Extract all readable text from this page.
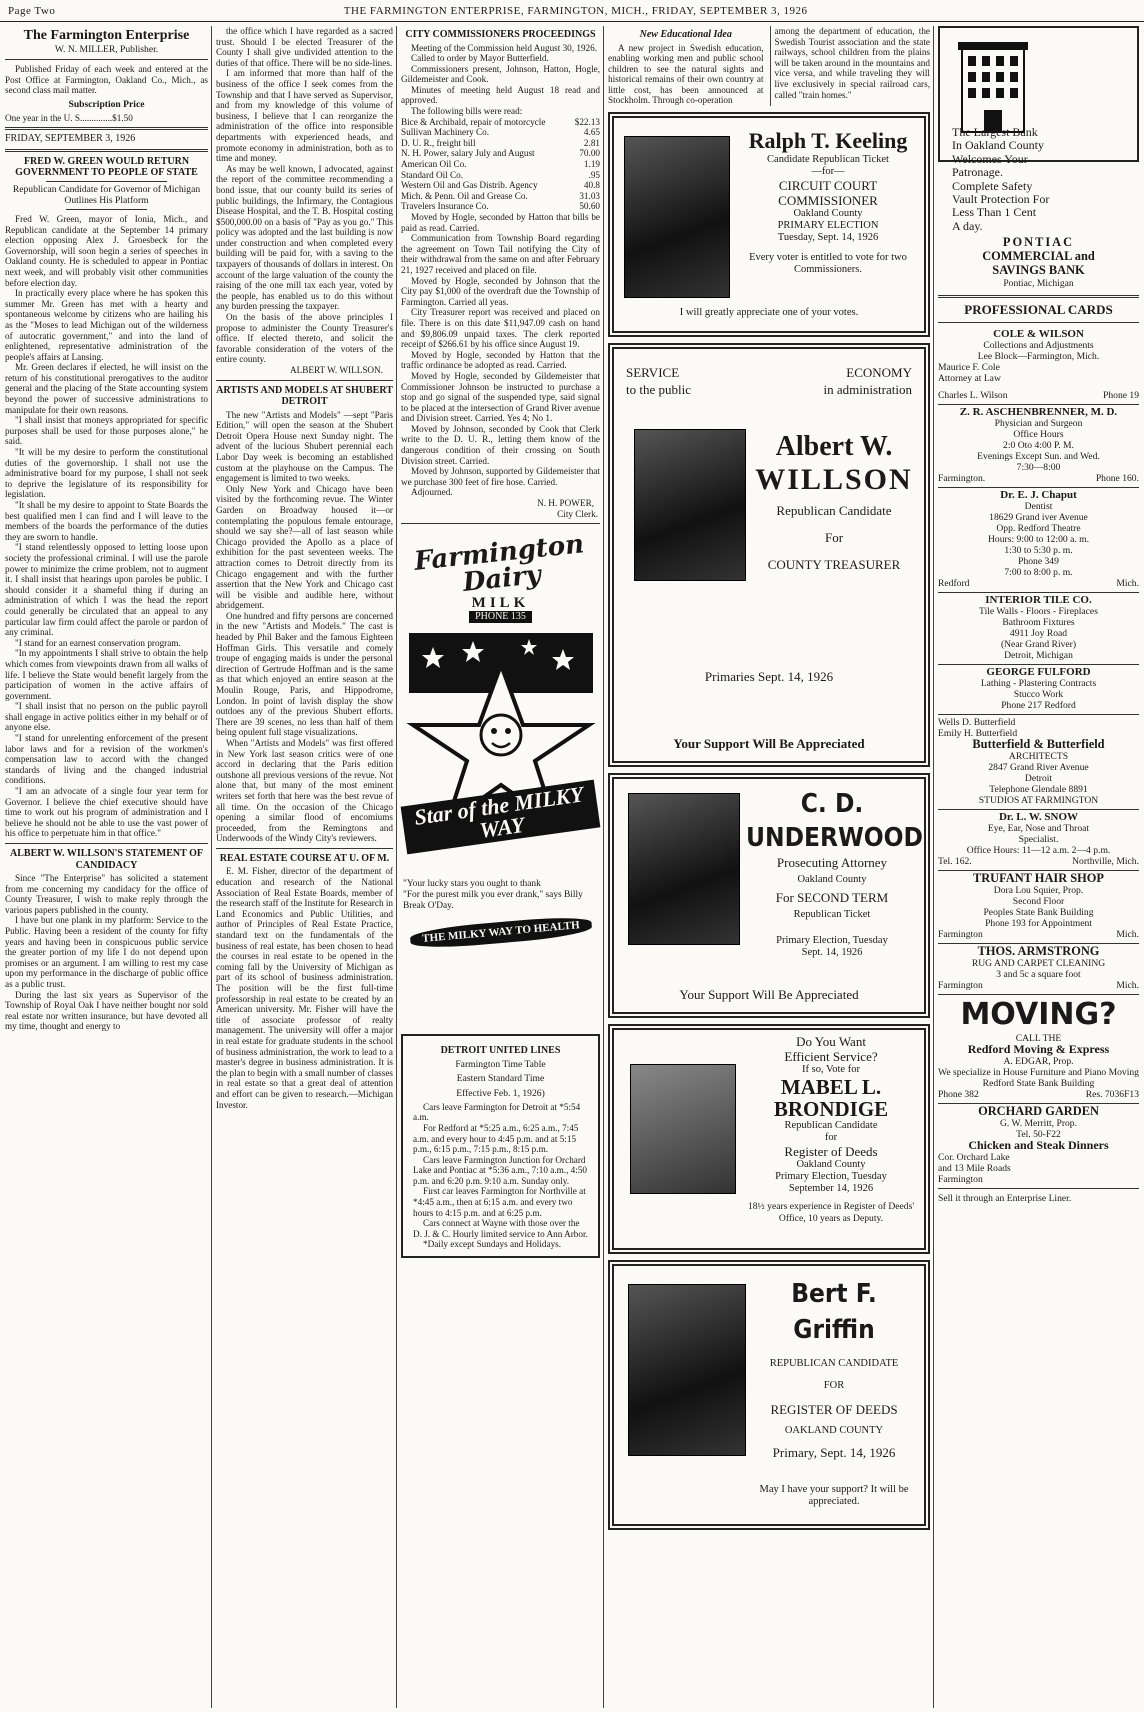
Page Two	THE FARMINGTON ENTERPRISE, FARMINGTON, MICH., FRIDAY, SEPTEMBER 3, 1926
The Farmington Enterprise
W. N. MILLER, Publisher.

Published Friday of each week and entered at the Post Office at Farmington, Oakland Co., Mich., as second class mail matter.

Subscription Price

One year in the U. S..............$1.50

FRIDAY, SEPTEMBER 3, 1926
FRED W. GREEN WOULD RETURN GOVERNMENT TO PEOPLE OF STATE
Republican Candidate for Governor of Michigan Outlines His Platform

Fred W. Green, mayor of Ionia, Mich., and Republican candidate at the September 14 primary election opposing Alex J. Groesbeck for the Governorship, will soon begin a series of speeches in Oakland county. He is scheduled to appear in Pontiac next week, and will probably visit other communities before election day.

In practically every place where he has spoken this summer Mr. Green has met with a hearty and spontaneous welcome by citizens who are hailing his as the "Moses to lead Michigan out of the wilderness of autocratic government," and into the land of enlightened, representative administration of the people's affairs at Lansing.

Mr. Green declares if elected, he will insist on the return of his constitutional prerogatives to the auditor general and the placing of the State accounting system beyond the power of successive administrations to manipulate for their own reasons.

"I shall insist that moneys appropriated for specific purposes shall be used for those purposes alone," he said.

"It will be my desire to perform the constitutional duties of the governorship. I shall not use the administrative board for my purpose, I shall not seek to deprive the legislature of its responsibility for legislation.

"It shall be my desire to appoint to State Boards the best qualified men I can find and I will leave to the members of the boards the performance of the duties they are sworn to handle.

"I stand relentlessly opposed to letting loose upon society the professional criminal. I will use the parole power to minimize the crime problem, not to augment it. I shall insist that hearings upon paroles be public. I should consider it a shameful thing if during an administration of which I was the head the report could generally be circulated that an appeal to any particular law firm could affect the parole or pardon of any criminal.

"I stand for an earnest conservation program.

"In my appointments I shall strive to obtain the help which comes from viewpoints drawn from all walks of life. I believe the State would benefit largely from the participation of women in the active affairs of government.

"I shall insist that no person on the public payroll shall engage in active politics either in my behalf or of anyone else.

"I stand for unrelenting enforcement of the present labor laws and for a revision of the workmen's compensation law to accord with the changed standards of living and the changed industrial conditions.

"I am an advocate of a single four year term for Governor. I believe the chief executive should have time to work out his program of administration and I believe he should not be able to use the vast power of his office to perpetuate him in that office."

ALBERT W. WILLSON'S STATEMENT OF CANDIDACY

Since "The Enterprise" has solicited a statement from me concerning my candidacy for the office of County Treasurer, I wish to make reply through the various papers published in the county.

I have but one plank in my platform: Service to the Public. Having been a resident of the county for fifty years and having been in conspicuous public service the greater portion of my life I do not depend upon promises or an argument. I am willing to rest my case upon my performance in the discharge of public office as a public trust.

During the last six years as Supervisor of the Township of Royal Oak I have neither bought nor sold real estate nor written insurance, but have devoted all my time, thought and energy to

the office which I have regarded as a sacred trust. Should I be elected Treasurer of the County I shall give undivided attention to the duties of that office. There will be no side-lines.

I am informed that more than half of the business of the office I seek comes from the Township and that I have served as Supervisor, and from my knowledge of this volume of business, I believe that I can reorganize the administration of the office into responsible departments with experienced heads, and promote economy in administration, both as to time and money.

As may be well known, I advocated, against the report of the committee recommending a bond issue, that our county build its series of public buildings, the Infirmary, the Contagious Disease Hospital, and the T. B. Hospital costing $500,000.00 on a basis of "Pay as you go." This policy was adopted and the last building is now under construction and when completed every building will be paid for, with a saving to the taxpayers of thousands of dollars in interest. On account of the large valuation of the county the raising of the one mill tax each year, voted by the people, has enabled us to do this without any burden pressing the taxpayer.

On the basis of the above principles I propose to administer the County Treasurer's office. If elected thereto, and solicit the favorable consideration of the voters of the entire county.

ALBERT W. WILLSON.
ARTISTS AND MODELS AT SHUBERT DETROIT

The new "Artists and Models" —sept "Paris Edition," will open the season at the Shubert Detroit Opera House next Sunday night. The advent of the lucious Shubert perennial each Labor Day week is becoming an established custom at the playhouse on the Campus. The engagement is limited to two weeks.

Only New York and Chicago have been visited by the forthcoming revue. The Winter Garden on Broadway housed it—or contemplating the populous female entourage, should we say she?—all of last season while Chicago provided the Apollo as a place of exhibition for the past seventeen weeks. The attraction comes to Detroit directly from its Chicago engagement and with the further assertion that the New York and Chicago cast will be visible and audible here, without abridgement.

One hundred and fifty persons are concerned in the new "Artists and Models." The cast is headed by Phil Baker and the famous Eighteen Hoffman Girls. This versatile and comely troupe of engaging maids is under the personal direction of Gertrude Hoffman and is the same as that which enjoyed an entire season at the Moulin Rouge, Paris, and Hippodrome, London. In point of lavish display the show outdoes any of the previous Shubert efforts. There are 39 scenes, no less than half of them being opulent full stage visualizations.

When "Artists and Models" was first offered in New York last season critics were of one accord in declaring that the Paris edition outshone all previous versions of the revue. Not alone that, but many of the most eminent writers set forth that here was the best revue of all time. On the occasion of the Chicago opening a similar flood of encomiums proceeded, from the Remingtons and Underwoods of the Windy City's reviewers.

REAL ESTATE COURSE AT U. OF M.

E. M. Fisher, director of the department of education and research of the National Association of Real Estate Boards, member of the research staff of the Institute for Research in Land Economics and Public Utilities, and author of Principles of Real Estate Practice, standard text on the fundamentals of the business of real estate, has been chosen to head the courses in real estate to be opened in the coming fall by the University of Michigan as part of its school of business administration. The position will be the first full-time professorship in real estate to be created by an American university. Mr. Fisher will have the title of associate professor of realty management. The university will offer a major in real estate for graduate students in the school of business administration, the work to lead to a master's degree in business administration. It is the plan to begin with a small number of classes in real estate so that a great deal of attention and effort can be given to research.—Michigan Investor.

CITY COMMISSIONERS PROCEEDINGS

Meeting of the Commission held August 30, 1926.

Called to order by Mayor Butterfield.

Commissioners present, Johnson, Hatton, Hogle, Gildemeister and Cook.

Minutes of meeting held August 18 read and approved.

The following bills were read:

Bice & Archibald, repair of motorcycle	$22.13
Sullivan Machinery Co.	4.65
D. U. R., freight bill	2.81
N. H. Power, salary July and August	70.00
American Oil Co.	1.19
Standard Oil Co.	.95
Western Oil and Gas Distrib. Agency	40.8
Mich. & Penn. Oil and Grease Co.	31.03
Travelers Insurance Co.	50.60

Moved by Hogle, seconded by Hatton that bills be paid as read. Carried.

Communication from Township Board regarding the agreement on Town Tail notifying the City of their withdrawal from the same on and after February 21, 1927 received and placed on file.

Moved by Hogle, seconded by Johnson that the City pay $1,000 of the overdraft due the Township of Farmington. Carried all yeas.

City Treasurer report was received and placed on file. There is on this date $11,947.09 cash on hand and $9,806.09 unpaid taxes. The clerk reported receipt of $266.61 by his office since August 19.

Moved by Hogle, seconded by Hatton that the traffic ordinance be adopted as read. Carried.

Moved by Hogle, seconded by Gildemeister that Commissioner Johnson be instructed to purchase a stop and go signal of the suspended type, said signal to be placed at the intersection of Grand River avenue and Division street. Carried. Yes 4; No 1.

Moved by Johnson, seconded by Cook that Clerk write to the D. U. R., letting them know of the dangerous condition of their crossing on South Division street. Carried.

Moved by Johnson, supported by Gildemeister that we purchase 300 feet of fire hose. Carried.

Adjourned.

N. H. POWER,
City Clerk.
Farmington Dairy
MILK
PHONE 135
Star of the MILKY WAY
"Your lucky stars you ought to thank
"For the purest milk you ever drank," says Billy Break O'Day.
THE MILKY WAY TO HEALTH
DETROIT UNITED LINES
Farmington Time Table
Eastern Standard Time
Effective Feb. 1, 1926)

Cars leave Farmington for Detroit at *5:54 a.m.

For Redford at *5:25 a.m., 6:25 a.m., 7:45 a.m. and every hour to 4:45 p.m. and at 5:15 p.m., 6:15 p.m., 7:15 p.m., 8:15 p.m.

Cars leave Farmington Junction for Orchard Lake and Pontiac at *5:36 a.m., 7:10 a.m., 4:50 p.m. and 6:20 p.m. 9:10 a.m. Sunday only.

First car leaves Farmington for Northville at *4:45 a.m., then at 6:15 a.m. and every two hours to 4:15 p.m. and at 6:25 p.m.

Cars connect at Wayne with those over the D. J. & C. Hourly limited service to Ann Arbor.

*Daily except Sundays and Holidays.

New Educational Idea

A new project in Swedish education, enabling working men and public school children to see the natural sights and historical remains of their own country at little cost, has been announced at Stockholm. Through co-operation

among the department of education, the Swedish Tourist association and the state railways, school children from the plains will be taken around in the mountains and vice versa, and while traveling they will live exclusively in special railroad cars, called "train homes."

Ralph T. Keeling
Candidate Republican Ticket
—for—
CIRCUIT COURT
COMMISSIONER
Oakland County
PRIMARY ELECTION
Tuesday, Sept. 14, 1926
Every voter is entitled to vote for two Commissioners.
I will greatly appreciate one of your votes.
SERVICE	ECONOMY
to the public	in administration
Albert W.
WILLSON
Republican Candidate
For
COUNTY TREASURER
Primaries Sept. 14, 1926
Your Support Will Be Appreciated
C. D. UNDERWOOD
Prosecuting Attorney
Oakland County
For SECOND TERM
Republican Ticket
Primary Election, Tuesday
Sept. 14, 1926
Your Support Will Be Appreciated
Do You Want
Efficient Service?
If so, Vote for
MABEL L.
BRONDIGE
Republican Candidate
for
Register of Deeds
Oakland County
Primary Election, Tuesday
September 14, 1926
18½ years experience in Register of Deeds' Office, 10 years as Deputy.
Bert F. Griffin
REPUBLICAN CANDIDATE
FOR
REGISTER OF DEEDS
OAKLAND COUNTY
Primary, Sept. 14, 1926
May I have your support? It will be appreciated.
The Largest Bank
In Oakland County
Welcomes Your
Patronage.
Complete Safety
Vault Protection For
Less Than 1 Cent
A day.
PONTIAC
COMMERCIAL and
SAVINGS BANK
Pontiac, Michigan
PROFESSIONAL CARDS
COLE & WILSON
Collections and Adjustments
Lee Block—Farmington, Mich.
Maurice F. Cole
Attorney at Law
Charles L. Wilson	Phone 19
Z. R. ASCHENBRENNER, M. D.
Physician and Surgeon
Office Hours
2:0 Oto 4:00 P. M.
Evenings Except Sun. and Wed.
7:30—8:00
Farmington.	Phone 160.
Dr. E. J. Chaput
Dentist
18629 Grand iver Avenue
Opp. Redford Theatre
Hours: 9:00 to 12:00 a. m.
1:30 to 5:30 p. m.
Phone 349
7:00 to 8:00 p. m.
Redford	Mich.
INTERIOR TILE CO.
Tile Walls - Floors - Fireplaces
Bathroom Fixtures
4911 Joy Road
(Near Grand River)
Detroit, Michigan
GEORGE FULFORD
Lathing - Plastering Contracts
Stucco Work
Phone 217 Redford
Wells D. Butterfield
Emily H. Butterfield
Butterfield & Butterfield
ARCHITECTS
2847 Grand River Avenue
Detroit
Telephone Glendale 8891
STUDIOS AT FARMINGTON
Dr. L. W. SNOW
Eye, Ear, Nose and Throat
Specialist.
Office Hours: 11—12 a.m. 2—4 p.m.
Tel. 162.	Northville, Mich.
TRUFANT HAIR SHOP
Dora Lou Squier, Prop.
Second Floor
Peoples State Bank Building
Phone 193 for Appointment
Farmington	Mich.
THOS. ARMSTRONG
RUG AND CARPET CLEANING
3 and 5c a square foot
Farmington	Mich.
MOVING?
CALL THE
Redford Moving & Express
A. EDGAR, Prop.
We specialize in House Furniture and Piano Moving
Redford State Bank Building
Phone 382	Res. 7036F13
ORCHARD GARDEN
G. W. Merritt, Prop.
Tel. 50-F22
Chicken and Steak Dinners
Cor. Orchard Lake
and 13 Mile Roads
Farmington
Sell it through an Enterprise Liner.
